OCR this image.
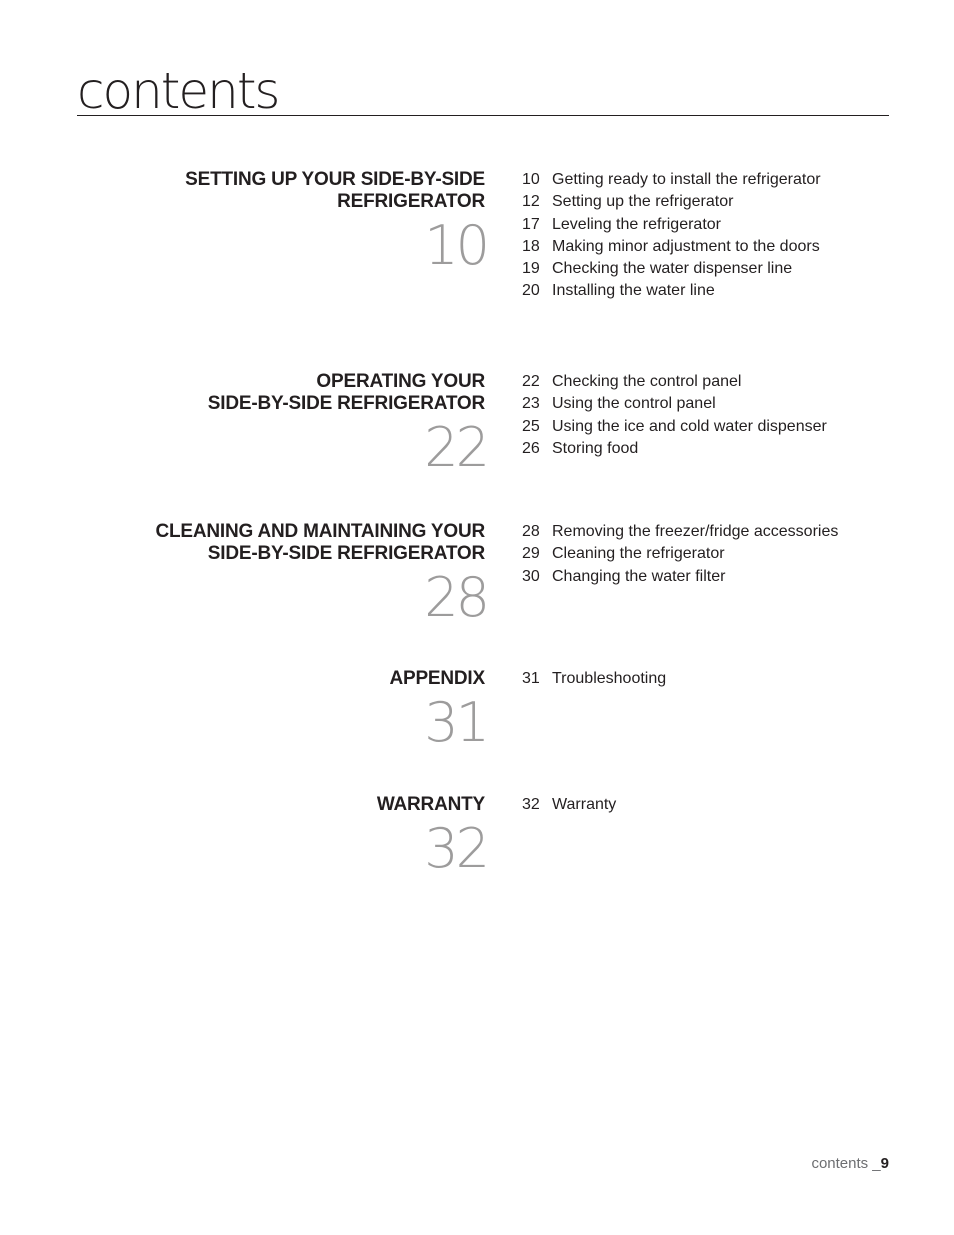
contents
SETTING UP YOUR SIDE-BY-SIDE
REFRIGERATOR
10
10 Getting ready to install the refrigerator
12 Setting up the refrigerator
17 Leveling the refrigerator
18 Making minor adjustment to the doors
19 Checking the water dispenser line
20 Installing the water line
OPERATING YOUR
SIDE-BY-SIDE REFRIGERATOR
22
22 Checking the control panel
23 Using the control panel
25 Using the ice and cold water dispenser
26 Storing food
CLEANING AND MAINTAINING YOUR
SIDE-BY-SIDE REFRIGERATOR
28
28 Removing the freezer/fridge accessories
29 Cleaning the refrigerator
30 Changing the water filter
APPENDIX
31
31 Troubleshooting
WARRANTY
32
32 Warranty
contents _9
